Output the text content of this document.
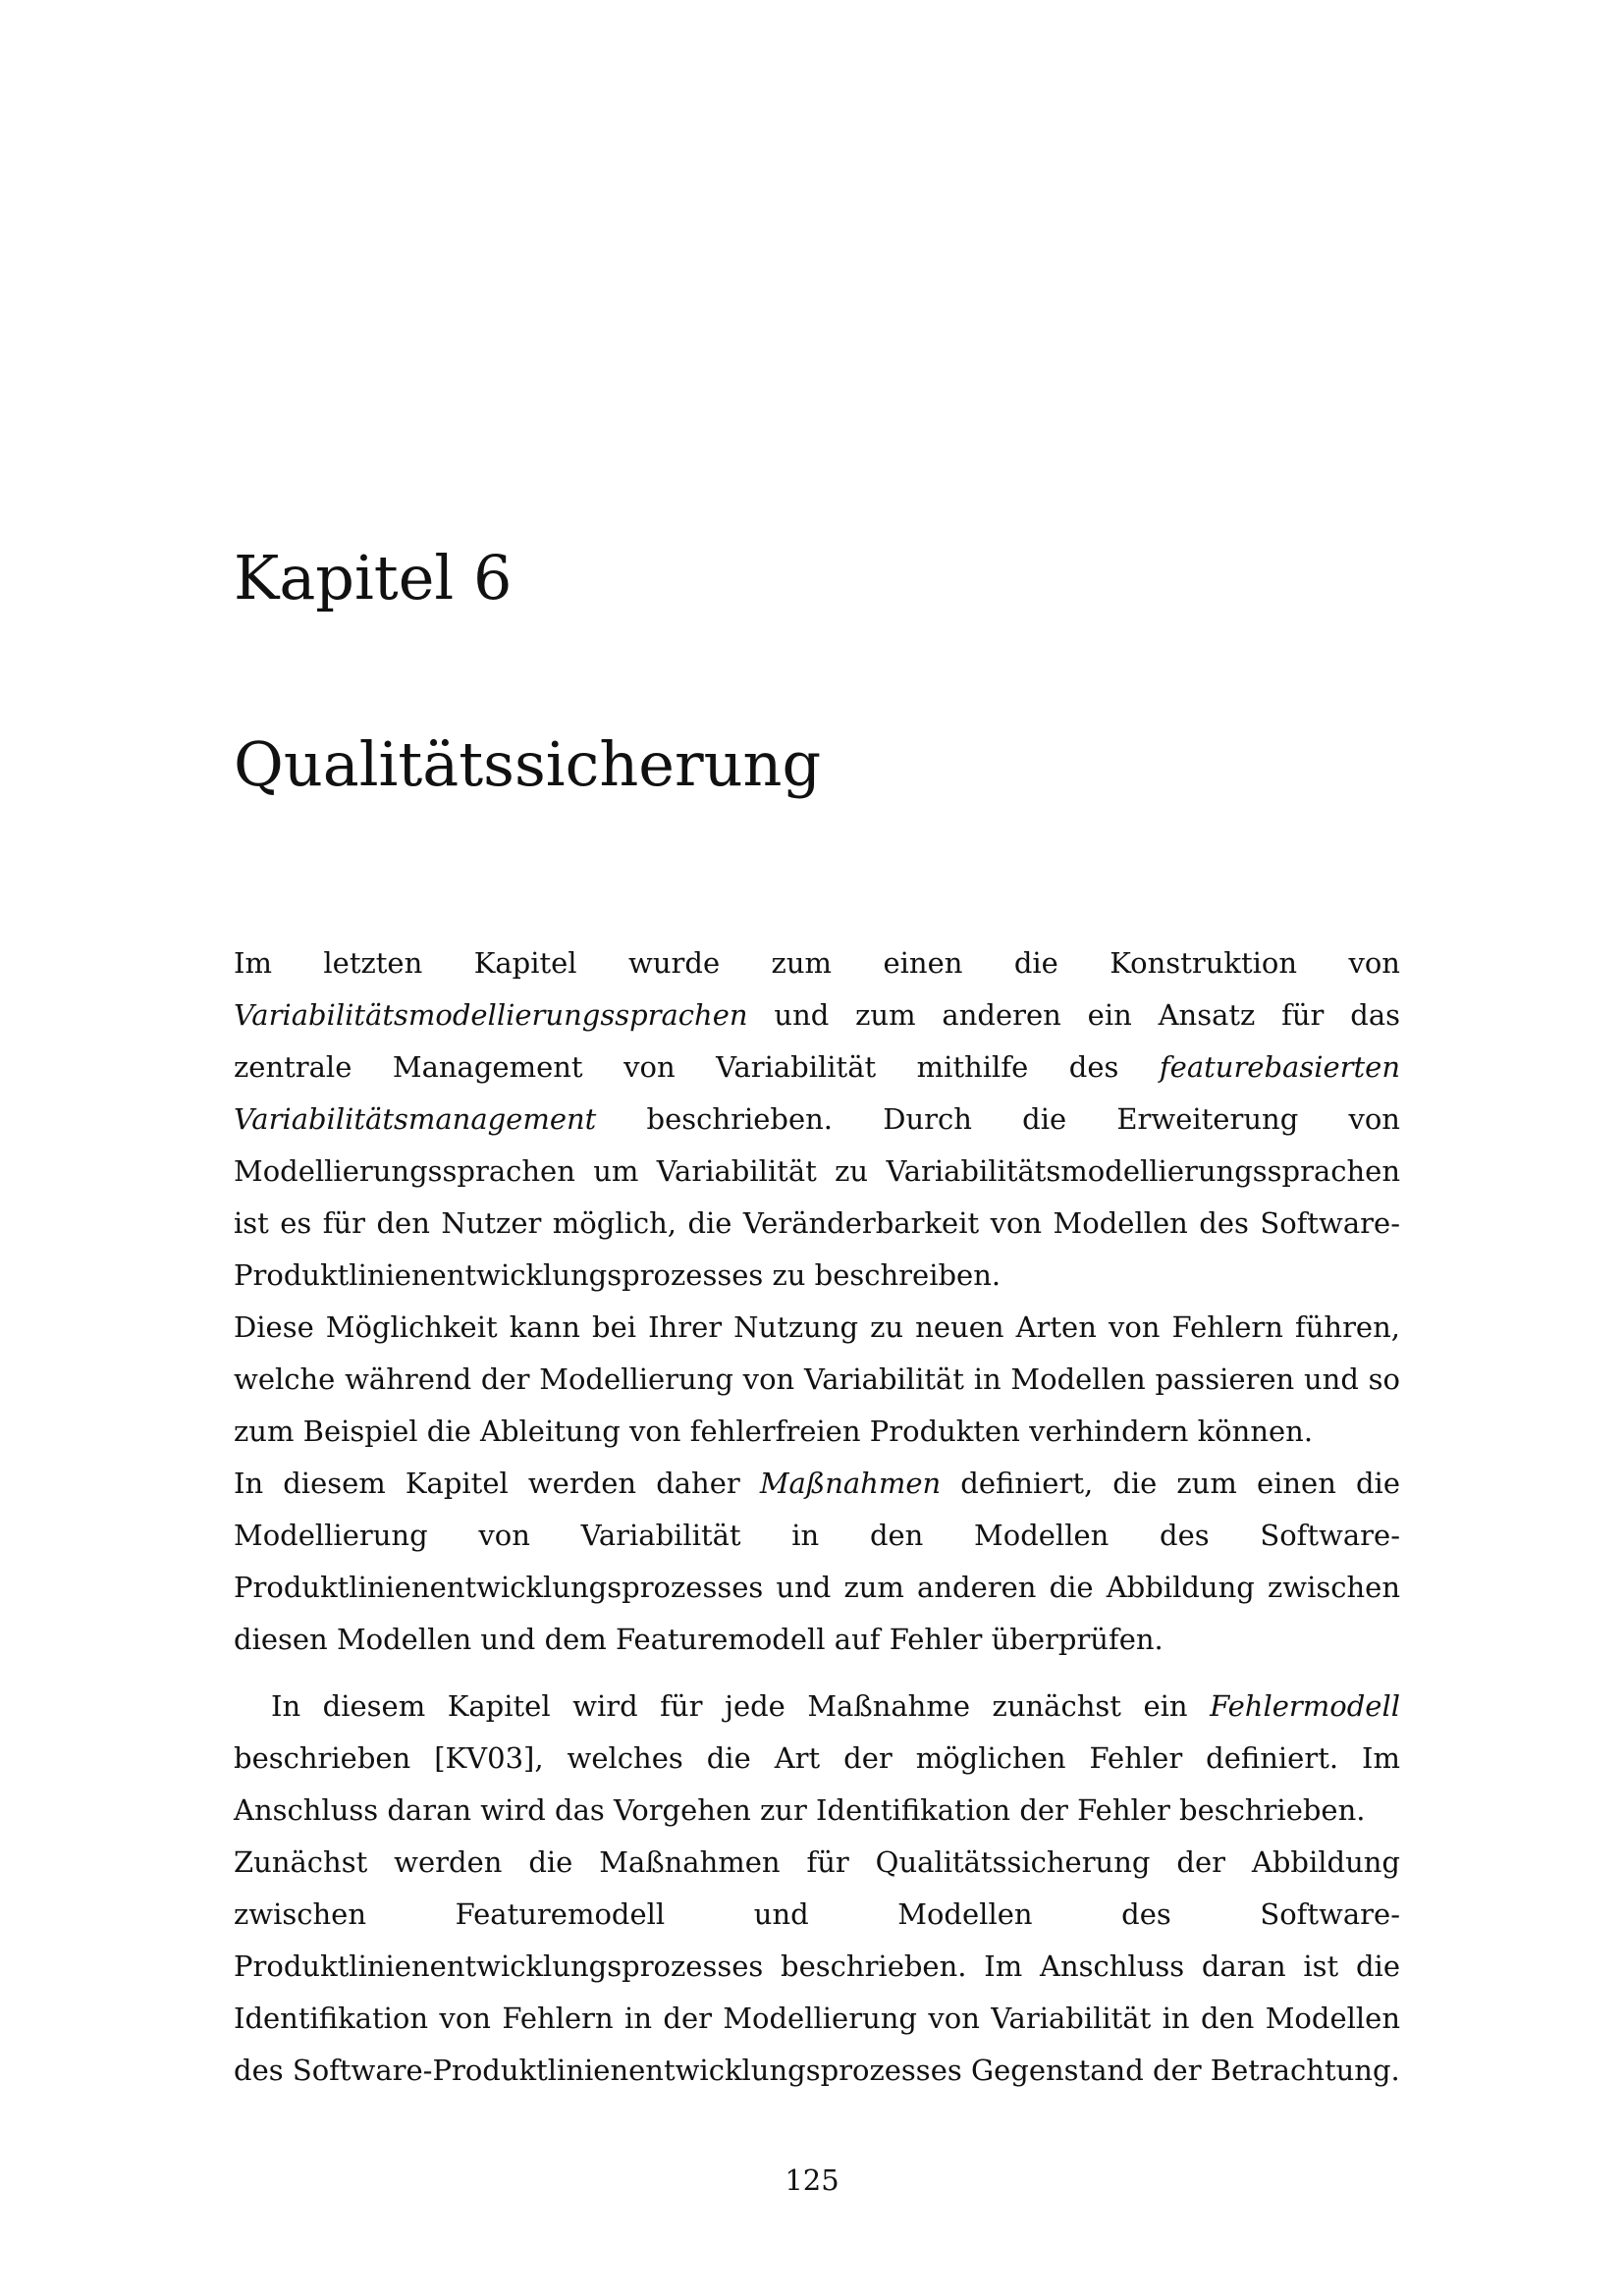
Kapitel 6
Qualitätssicherung

Im letzten Kapitel wurde zum einen die Konstruktion von Variabilitätsmodellierungssprachen und zum anderen ein Ansatz für das zentrale Management von Variabilität mithilfe des featurebasierten Variabilitätsmanagement beschrieben. Durch die Erweiterung von Modellierungssprachen um Variabilität zu Variabilitätsmodellierungssprachen ist es für den Nutzer möglich, die Veränderbarkeit von Modellen des Software-Produktlinienentwicklungsprozesses zu beschreiben.

Diese Möglichkeit kann bei Ihrer Nutzung zu neuen Arten von Fehlern führen, welche während der Modellierung von Variabilität in Modellen passieren und so zum Beispiel die Ableitung von fehlerfreien Produkten verhindern können.

In diesem Kapitel werden daher Maßnahmen definiert, die zum einen die Modellierung von Variabilität in den Modellen des Software-Produktlinienentwicklungsprozesses und zum anderen die Abbildung zwischen diesen Modellen und dem Featuremodell auf Fehler überprüfen.

In diesem Kapitel wird für jede Maßnahme zunächst ein Fehlermodell beschrieben [KV03], welches die Art der möglichen Fehler definiert. Im Anschluss daran wird das Vorgehen zur Identifikation der Fehler beschrieben.

Zunächst werden die Maßnahmen für Qualitätssicherung der Abbildung zwischen Featuremodell und Modellen des Software-Produktlinienentwicklungsprozesses beschrieben. Im Anschluss daran ist die Identifikation von Fehlern in der Modellierung von Variabilität in den Modellen des Software-Produktlinienentwicklungsprozesses Gegenstand der Betrachtung.

125
